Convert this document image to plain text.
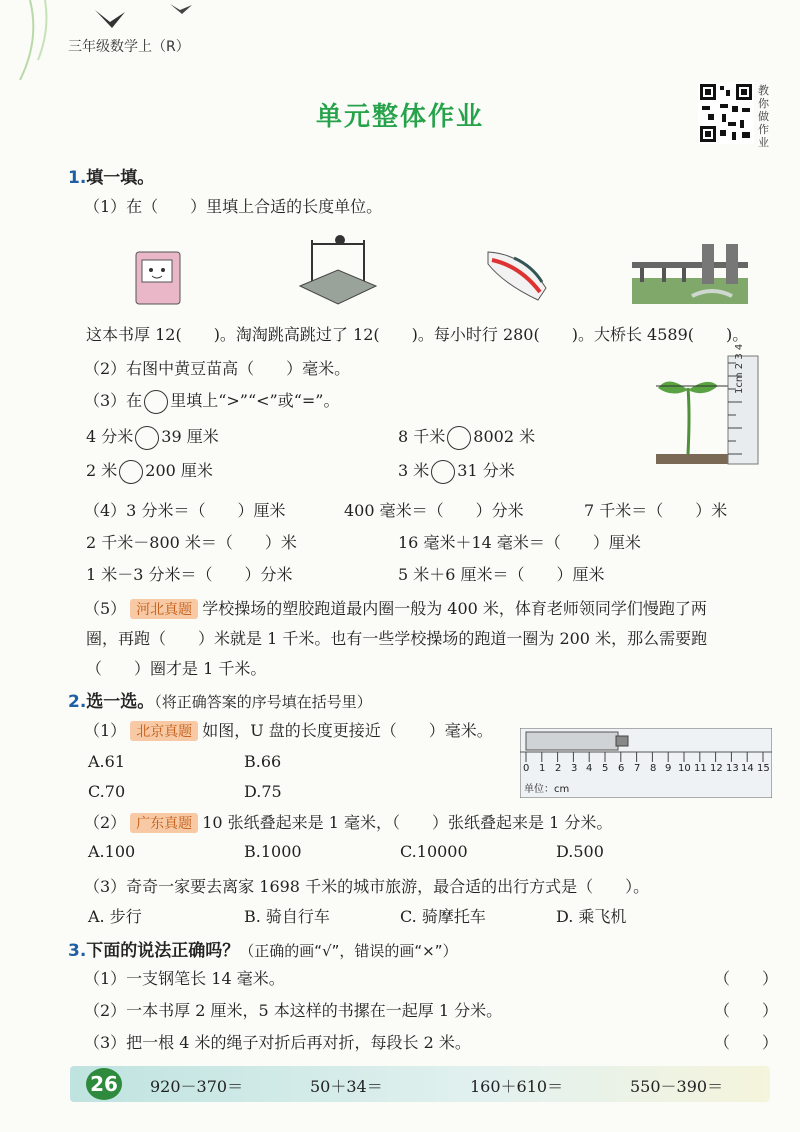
三年级数学上（R）
单元整体作业
教你做作业
1.填一填。
（1）在（　　）里填上合适的长度单位。
这本书厚 12(　　)。淘淘跳高跳过了 12(　　)。每小时行 280(　　)。大桥长 4589(　　)。
（2）右图中黄豆苗高（　　）毫米。
（3）在 里填上“>”“<”或“=”。
4 分米 39 厘米	8 千米 8002 米
2 米 200 厘米	3 米 31 分米
1cm 2 3 4
（4）3 分米＝（　　）厘米	400 毫米＝（　　）分米	7 千米＝（　　）米
2 千米－800 米＝（　　）米	16 毫米＋14 毫米＝（　　）厘米
1 米－3 分米＝（　　）分米	5 米＋6 厘米＝（　　）厘米
（5） 河北真题 学校操场的塑胶跑道最内圈一般为 400 米，体育老师领同学们慢跑了两
圈，再跑（　　）米就是 1 千米。也有一些学校操场的跑道一圈为 200 米，那么需要跑
（　　）圈才是 1 千米。
2.选一选。（将正确答案的序号填在括号里）
（1） 北京真题 如图，U 盘的长度更接近（　　）毫米。
A.61	B.66
C.70	D.75
0 1 2 3 4 5 6 7 8 9 10 11 12 13 14 15
单位：cm
（2） 广东真题 10 张纸叠起来是 1 毫米，（　　）张纸叠起来是 1 分米。
A.100	B.1000	C.10000	D.500
（3）奇奇一家要去离家 1698 千米的城市旅游，最合适的出行方式是（　　）。
A. 步行	B. 骑自行车	C. 骑摩托车	D. 乘飞机
3.下面的说法正确吗？（正确的画“√”，错误的画“×”）
（1）一支钢笔长 14 毫米。	（　　）
（2）一本书厚 2 厘米，5 本这样的书摞在一起厚 1 分米。	（　　）
（3）把一根 4 米的绳子对折后再对折，每段长 2 米。	（　　）
26 920－370＝	50＋34＝	160＋610＝	550－390＝
